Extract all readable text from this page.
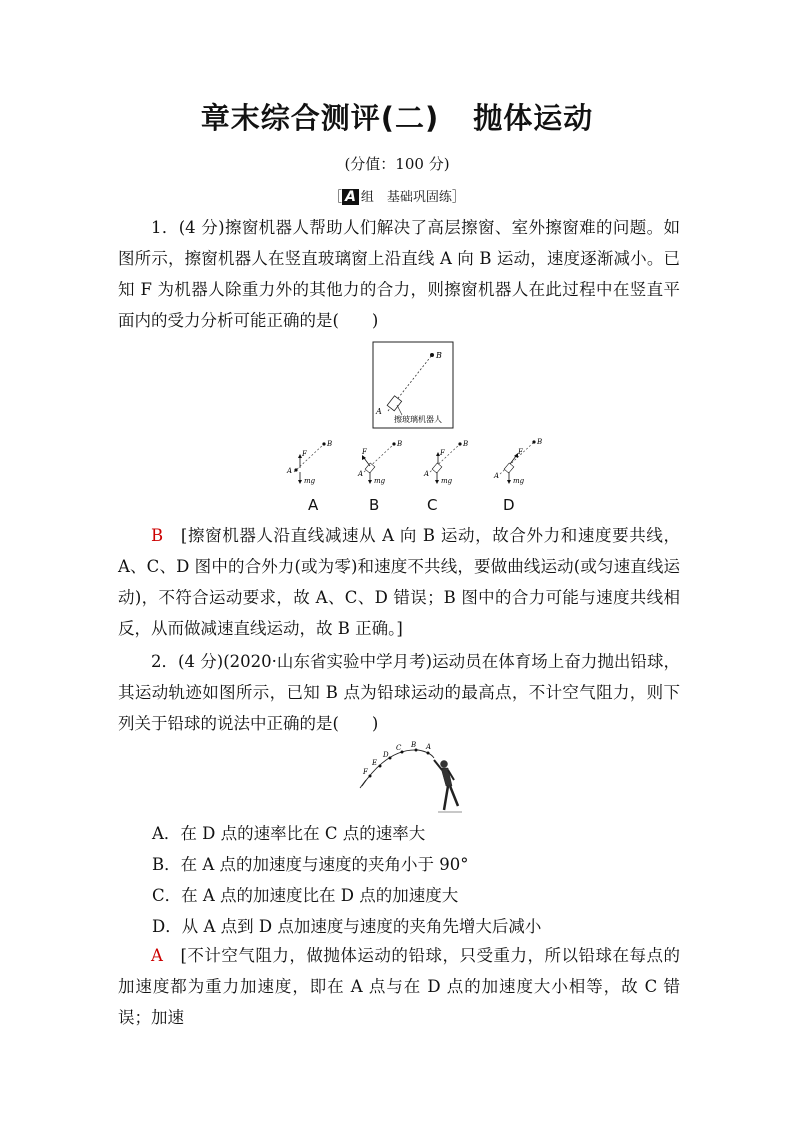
章末综合测评(二) 抛体运动
(分值：100 分)
［ A 组　基础巩固练］
1．(4 分)擦窗机器人帮助人们解决了高层擦窗、室外擦窗难的问题。如图所示，擦窗机器人在竖直玻璃窗上沿直线 A 向 B 运动，速度逐渐减小。已知 F 为机器人除重力外的其他力的合力，则擦窗机器人在此过程中在竖直平面内的受力分析可能正确的是(　　)
B
A
擦玻璃机器人
B
A
F
mg
B
A
F
mg
B
A
F
mg
B
A
F
mg
A	B	C	D
B　 [擦窗机器人沿直线减速从 A 向 B 运动，故合外力和速度要共线，A、C、D 图中的合外力(或为零)和速度不共线，要做曲线运动(或匀速直线运动)，不符合运动要求，故 A、C、D 错误；B 图中的合力可能与速度共线相反，从而做减速直线运动，故 B 正确。]
2．(4 分)(2020·山东省实验中学月考)运动员在体育场上奋力抛出铅球，其运动轨迹如图所示，已知 B 点为铅球运动的最高点，不计空气阻力，则下列关于铅球的说法中正确的是(　　)
F
E
D
C B A
A．在 D 点的速率比在 C 点的速率大
B．在 A 点的加速度与速度的夹角小于 90°
C．在 A 点的加速度比在 D 点的加速度大
D．从 A 点到 D 点加速度与速度的夹角先增大后减小
A　 [不计空气阻力，做抛体运动的铅球，只受重力，所以铅球在每点的加速度都为重力加速度，即在 A 点与在 D 点的加速度大小相等，故 C 错误；加速
